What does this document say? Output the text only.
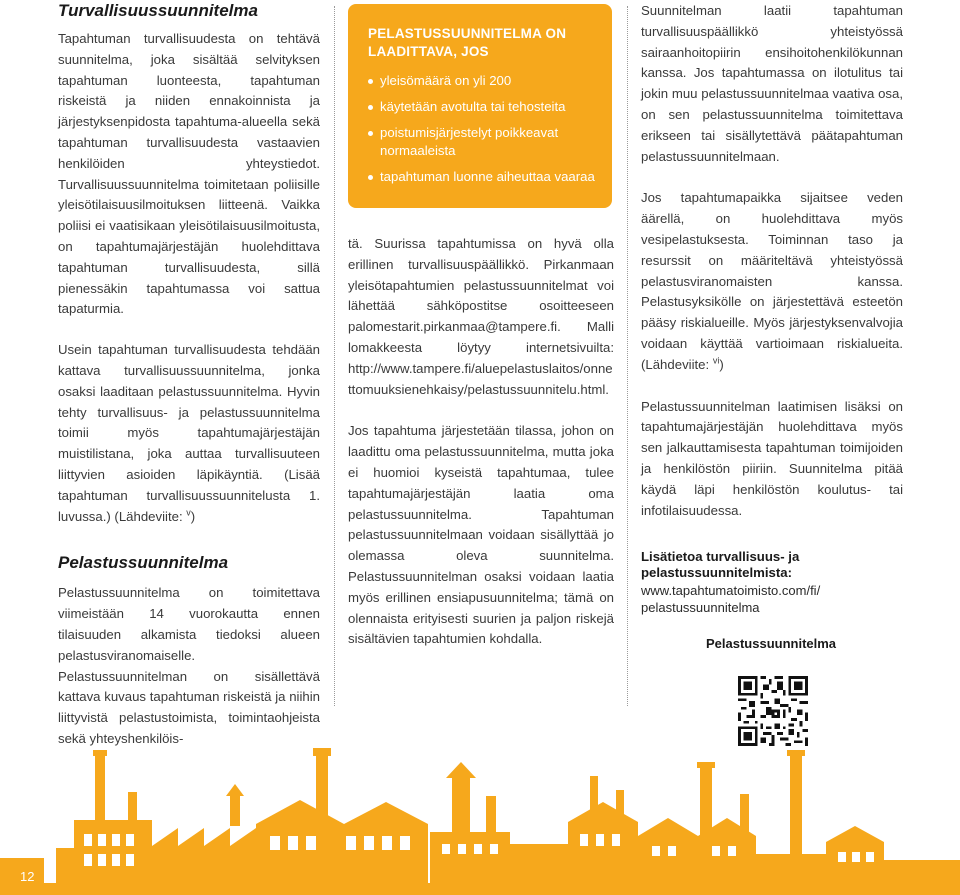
Turvallisuussuunnitelma

Tapahtuman turvallisuudesta on tehtävä suunnitelma, joka sisältää selvityksen tapahtuman luonteesta, tapahtuman riskeistä ja niiden ennakoinnista ja järjestyksenpidosta tapahtuma-alueella sekä tapahtuman turvallisuudesta vastaavien henkilöiden yhteystiedot. Turvallisuussuunnitelma toimitetaan poliisille yleisötilaisuusilmoituksen liitteenä. Vaikka poliisi ei vaatisikaan yleisötilaisuusilmoitusta, on tapahtumajärjestäjän huolehdittava tapahtuman turvallisuudesta, sillä pienessäkin tapahtumassa voi sattua tapaturmia.

Usein tapahtuman turvallisuudesta tehdään kattava turvallisuussuunnitelma, jonka osaksi laaditaan pelastussuunnitelma. Hyvin tehty turvallisuus- ja pelastussuunnitelma toimii myös tapahtumajärjestäjän muistilistana, joka auttaa turvallisuuteen liittyvien asioiden läpikäyntiä. (Lisää tapahtuman turvallisuussuunnitelusta 1. luvussa.) (Lähdeviite: $^v$)

Pelastussuunnitelma

Pelastussuunnitelma on toimitettava viimeistään 14 vuorokautta ennen tilaisuuden alkamista tiedoksi alueen pelastusviranomaiselle. Pelastussuunnitelman on sisällettävä kattava kuvaus tapahtuman riskeistä ja niihin liittyvistä pelastustoimista, toimintaohjeista sekä yhteyshenkilöis-

PELASTUSSUUNNITELMA ON LAADITTAVA, JOS
yleisömäärä on yli 200
käytetään avotulta tai tehosteita
poistumisjärjestelyt poikkeavat normaaleista
tapahtuman luonne aiheuttaa vaaraa

tä. Suurissa tapahtumissa on hyvä olla erillinen turvallisuuspäällikkö. Pirkanmaan yleisötapahtumien pelastussuunnitelmat voi lähettää sähköpostitse osoitteeseen palomestarit.pirkanmaa@tampere.fi. Malli lomakkeesta löytyy internetsivuilta: http://www.tampere.fi/aluepelastuslaitos/onnettomuuksienehkaisy/pelastussuunnitelu.html.

Jos tapahtuma järjestetään tilassa, johon on laadittu oma pelastussuunnitelma, mutta joka ei huomioi kyseistä tapahtumaa, tulee tapahtumajärjestäjän laatia oma pelastussuunnitelma. Tapahtuman pelastussuunnitelmaan voidaan sisällyttää jo olemassa oleva suunnitelma. Pelastussuunnitelman osaksi voidaan laatia myös erillinen ensiapusuunnitelma; tämä on olennaista erityisesti suurien ja paljon riskejä sisältävien tapahtumien kohdalla.

Suunnitelman laatii tapahtuman turvallisuuspäällikkö yhteistyössä sairaanhoitopiirin ensihoitohenkilökunnan kanssa. Jos tapahtumassa on ilotulitus tai jokin muu pelastussuunnitelmaa vaativa osa, on sen pelastussuunnitelma toimitettava erikseen tai sisällytettävä päätapahtuman pelastussuunnitelmaan.

Jos tapahtumapaikka sijaitsee veden äärellä, on huolehdittava myös vesipelastuksesta. Toiminnan taso ja resurssit on määriteltävä yhteistyössä pelastusviranomaisten kanssa. Pelastusyksikölle on järjestettävä esteetön pääsy riskialueille. Myös järjestyksenvalvojia voidaan käyttää vartioimaan riskialueita. (Lähdeviite: $^{vi}$)

Pelastussuunnitelman laatimisen lisäksi on tapahtumajärjestäjän huolehdittava myös sen jalkauttamisesta tapahtuman toimijoiden ja henkilöstön piiriin. Suunnitelma pitää käydä läpi henkilöstön koulutus- tai infotilaisuudessa.

Lisätietoa turvallisuus- ja pelastussuunnitelmista:
www.tapahtumatoimisto.com/fi/
pelastussuunnitelma
Pelastussuunnitelma
12
